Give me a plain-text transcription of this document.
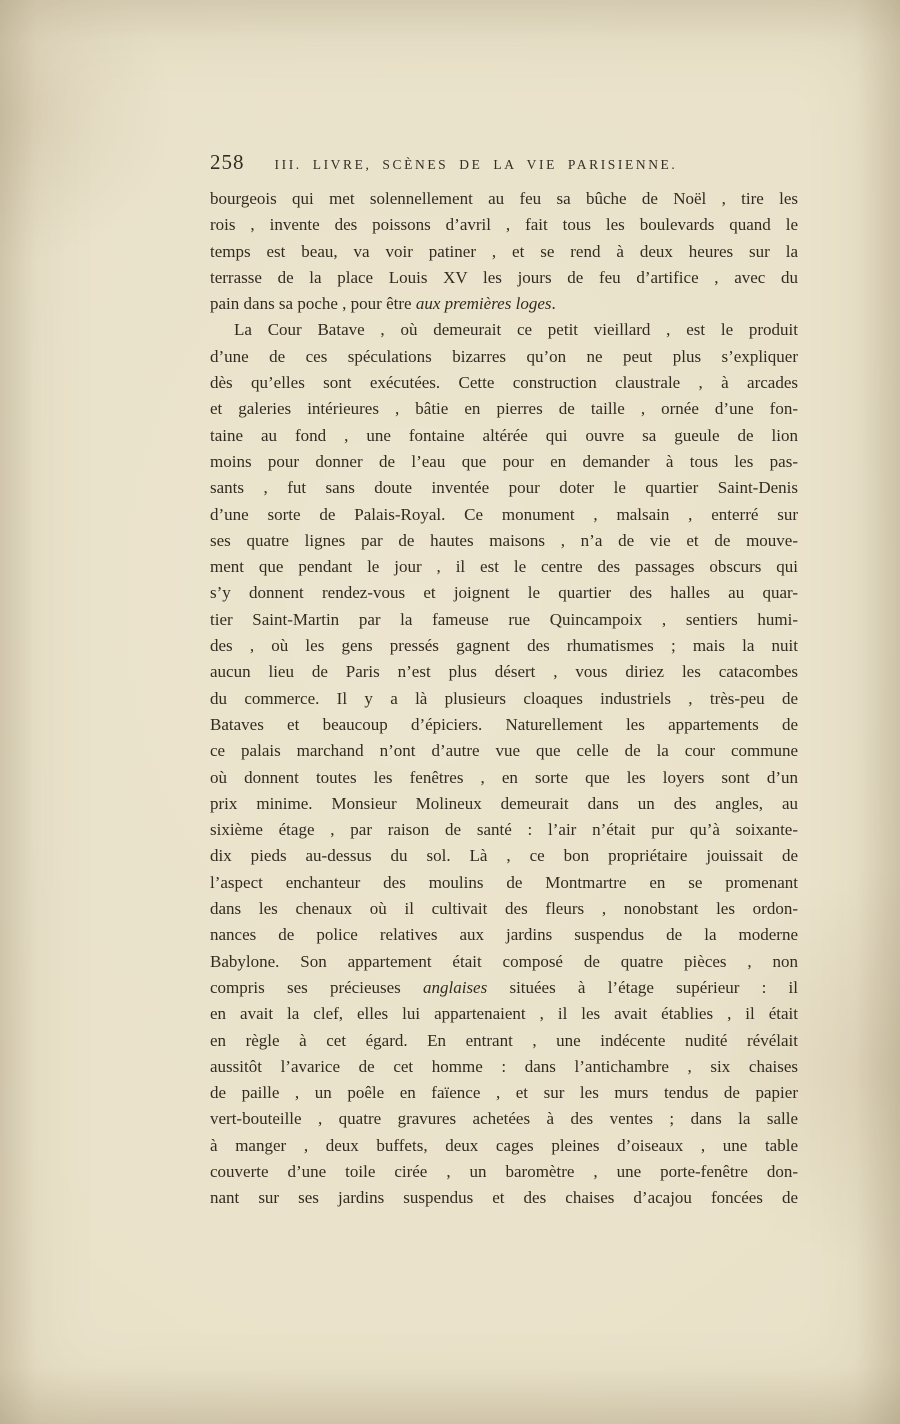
258 III. LIVRE, SCÈNES DE LA VIE PARISIENNE.
bourgeois qui met solennellement au feu sa bûche de Noël , tire les
rois , invente des poissons d’avril , fait tous les boulevards quand le
temps est beau, va voir patiner , et se rend à deux heures sur la
terrasse de la place Louis XV les jours de feu d’artifice , avec du
pain dans sa poche , pour être aux premières loges.
La Cour Batave , où demeurait ce petit vieillard , est le produit
d’une de ces spéculations bizarres qu’on ne peut plus s’expliquer
dès qu’elles sont exécutées. Cette construction claustrale , à arcades
et galeries intérieures , bâtie en pierres de taille , ornée d’une fon-
taine au fond , une fontaine altérée qui ouvre sa gueule de lion
moins pour donner de l’eau que pour en demander à tous les pas-
sants , fut sans doute inventée pour doter le quartier Saint-Denis
d’une sorte de Palais-Royal. Ce monument , malsain , enterré sur
ses quatre lignes par de hautes maisons , n’a de vie et de mouve-
ment que pendant le jour , il est le centre des passages obscurs qui
s’y donnent rendez-vous et joignent le quartier des halles au quar-
tier Saint-Martin par la fameuse rue Quincampoix , sentiers humi-
des , où les gens pressés gagnent des rhumatismes ; mais la nuit
aucun lieu de Paris n’est plus désert , vous diriez les catacombes
du commerce. Il y a là plusieurs cloaques industriels , très-peu de
Bataves et beaucoup d’épiciers. Naturellement les appartements de
ce palais marchand n’ont d’autre vue que celle de la cour commune
où donnent toutes les fenêtres , en sorte que les loyers sont d’un
prix minime. Monsieur Molineux demeurait dans un des angles, au
sixième étage , par raison de santé : l’air n’était pur qu’à soixante-
dix pieds au-dessus du sol. Là , ce bon propriétaire jouissait de
l’aspect enchanteur des moulins de Montmartre en se promenant
dans les chenaux où il cultivait des fleurs , nonobstant les ordon-
nances de police relatives aux jardins suspendus de la moderne
Babylone. Son appartement était composé de quatre pièces , non
compris ses précieuses anglaises situées à l’étage supérieur : il
en avait la clef, elles lui appartenaient , il les avait établies , il était
en règle à cet égard. En entrant , une indécente nudité révélait
aussitôt l’avarice de cet homme : dans l’antichambre , six chaises
de paille , un poêle en faïence , et sur les murs tendus de papier
vert-bouteille , quatre gravures achetées à des ventes ; dans la salle
à manger , deux buffets, deux cages pleines d’oiseaux , une table
couverte d’une toile cirée , un baromètre , une porte-fenêtre don-
nant sur ses jardins suspendus et des chaises d’acajou foncées de
